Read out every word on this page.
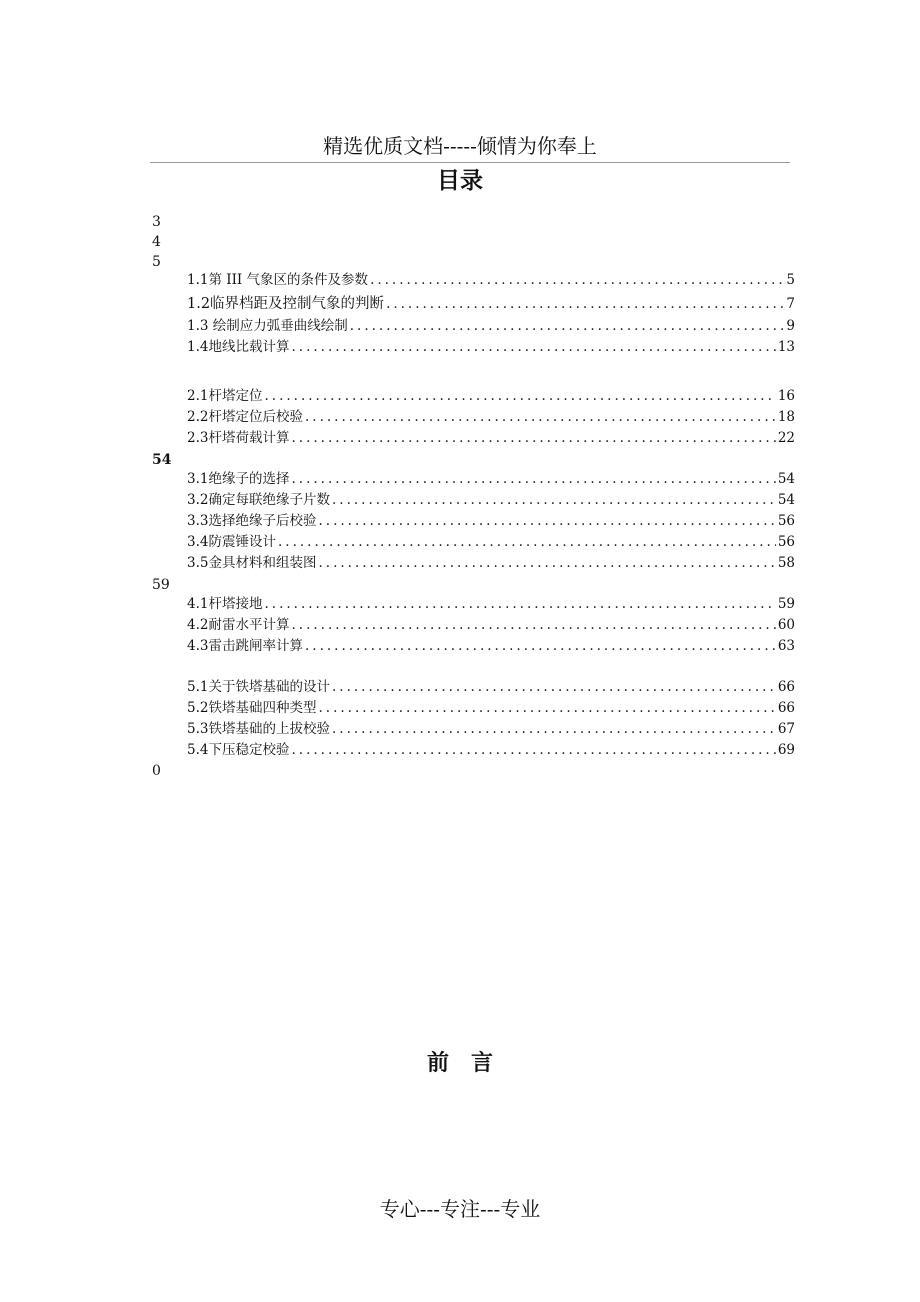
精选优质文档-----倾情为你奉上
目录
3
4
5
1.1第 III 气象区的条件及参数 .....	5
1.2临界档距及控制气象的判断 .....	7
1.3 绘制应力弧垂曲线绘制 .....	9
1.4地线比载计算 .....	13
2.1杆塔定位 .....	16
2.2杆塔定位后校验 .....	18
2.3杆塔荷载计算 .....	22
54
3.1绝缘子的选择 .....	54
3.2确定每联绝缘子片数 .....	54
3.3选择绝缘子后校验 .....	56
3.4防震锤设计 .....	56
3.5金具材料和组装图 .....	58
59
4.1杆塔接地 .....	59
4.2耐雷水平计算 .....	60
4.3雷击跳闸率计算 .....	63
5.1关于铁塔基础的设计 .....	66
5.2铁塔基础四种类型 .....	66
5.3铁塔基础的上拔校验 .....	67
5.4下压稳定校验 .....	69
0
前言
专心---专注---专业
